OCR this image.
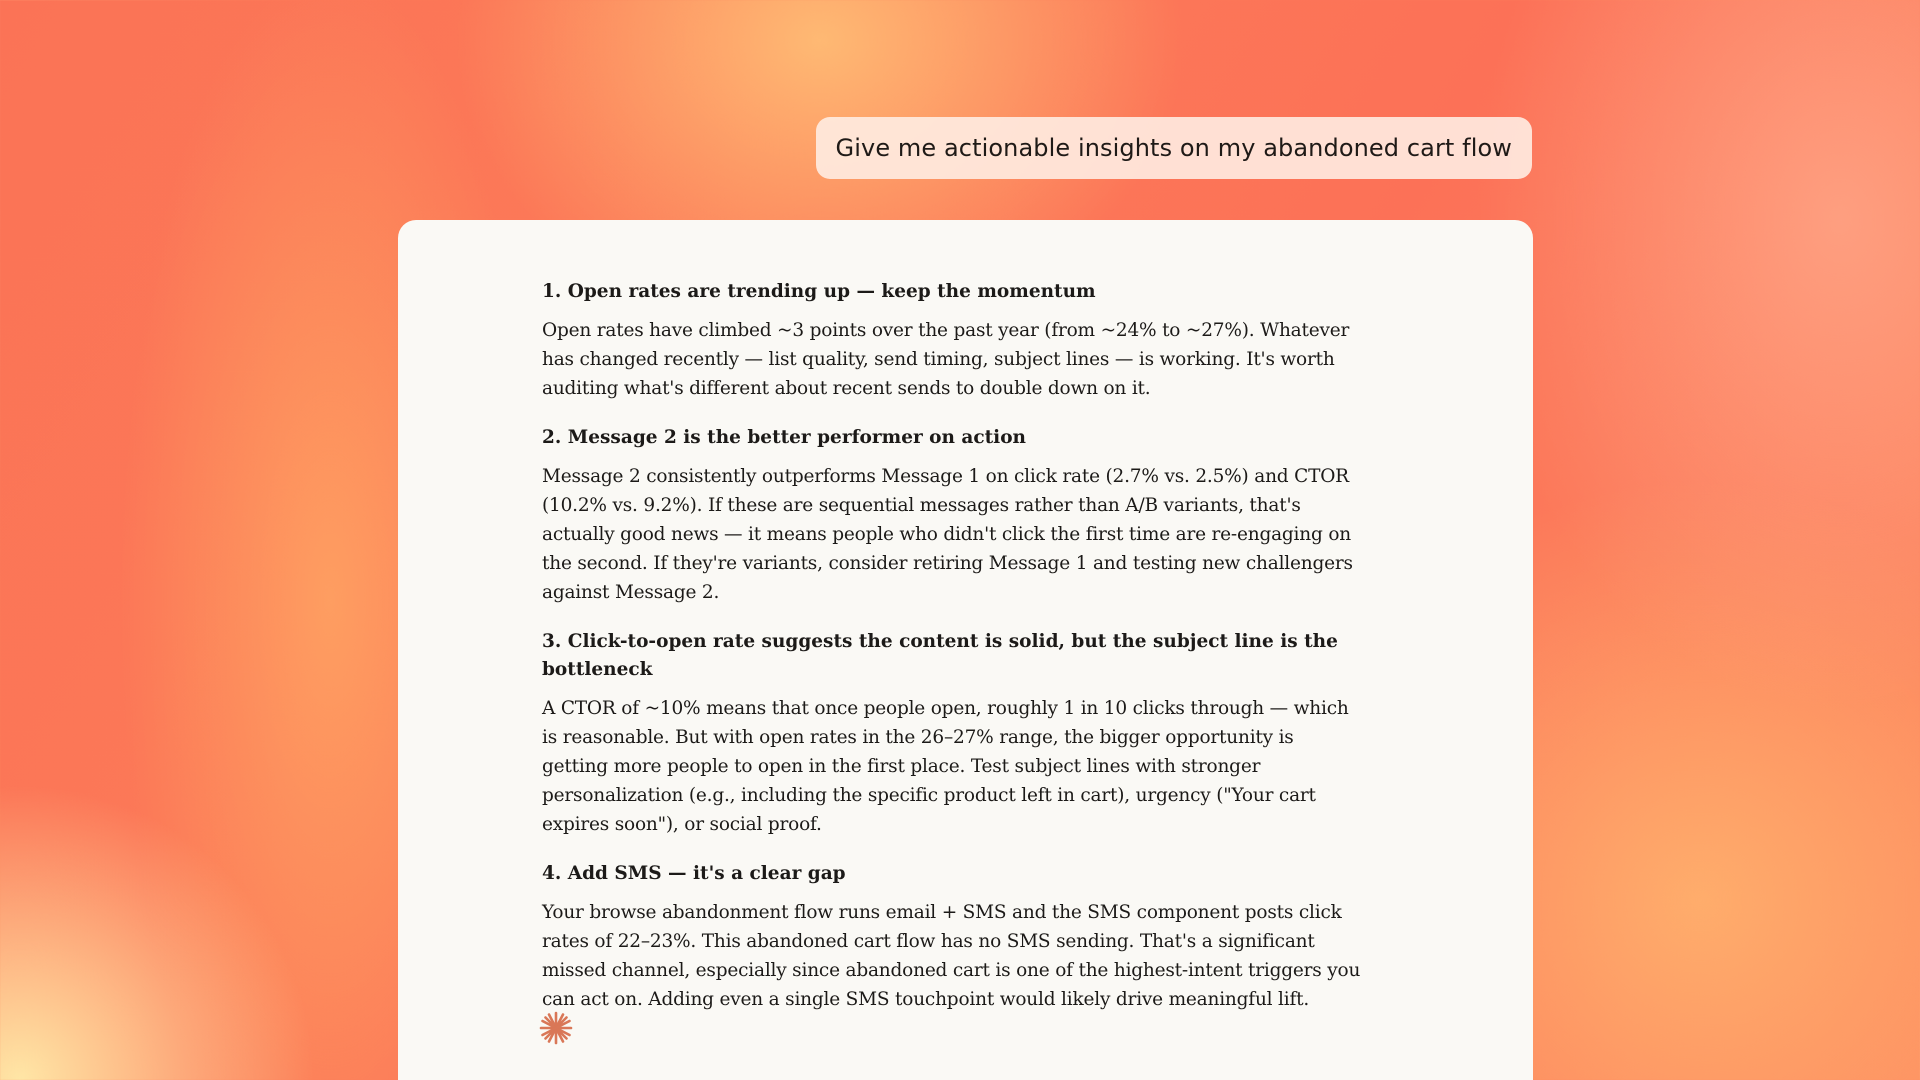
Give me actionable insights on my abandoned cart flow
1. Open rates are trending up — keep the momentum

Open rates have climbed ~3 points over the past year (from ~24% to ~27%). Whatever has changed recently — list quality, send timing, subject lines — is working. It's worth auditing what's different about recent sends to double down on it.

2. Message 2 is the better performer on action

Message 2 consistently outperforms Message 1 on click rate (2.7% vs. 2.5%) and CTOR (10.2% vs. 9.2%). If these are sequential messages rather than A/B variants, that's actually good news — it means people who didn't click the first time are re-engaging on the second. If they're variants, consider retiring Message 1 and testing new challengers against Message 2.

3. Click-to-open rate suggests the content is solid, but the subject line is the bottleneck

A CTOR of ~10% means that once people open, roughly 1 in 10 clicks through — which is reasonable. But with open rates in the 26–27% range, the bigger opportunity is getting more people to open in the first place. Test subject lines with stronger personalization (e.g., including the specific product left in cart), urgency ("Your cart expires soon"), or social proof.

4. Add SMS — it's a clear gap

Your browse abandonment flow runs email + SMS and the SMS component posts click rates of 22–23%. This abandoned cart flow has no SMS sending. That's a significant missed channel, especially since abandoned cart is one of the highest-intent triggers you can act on. Adding even a single SMS touchpoint would likely drive meaningful lift.
